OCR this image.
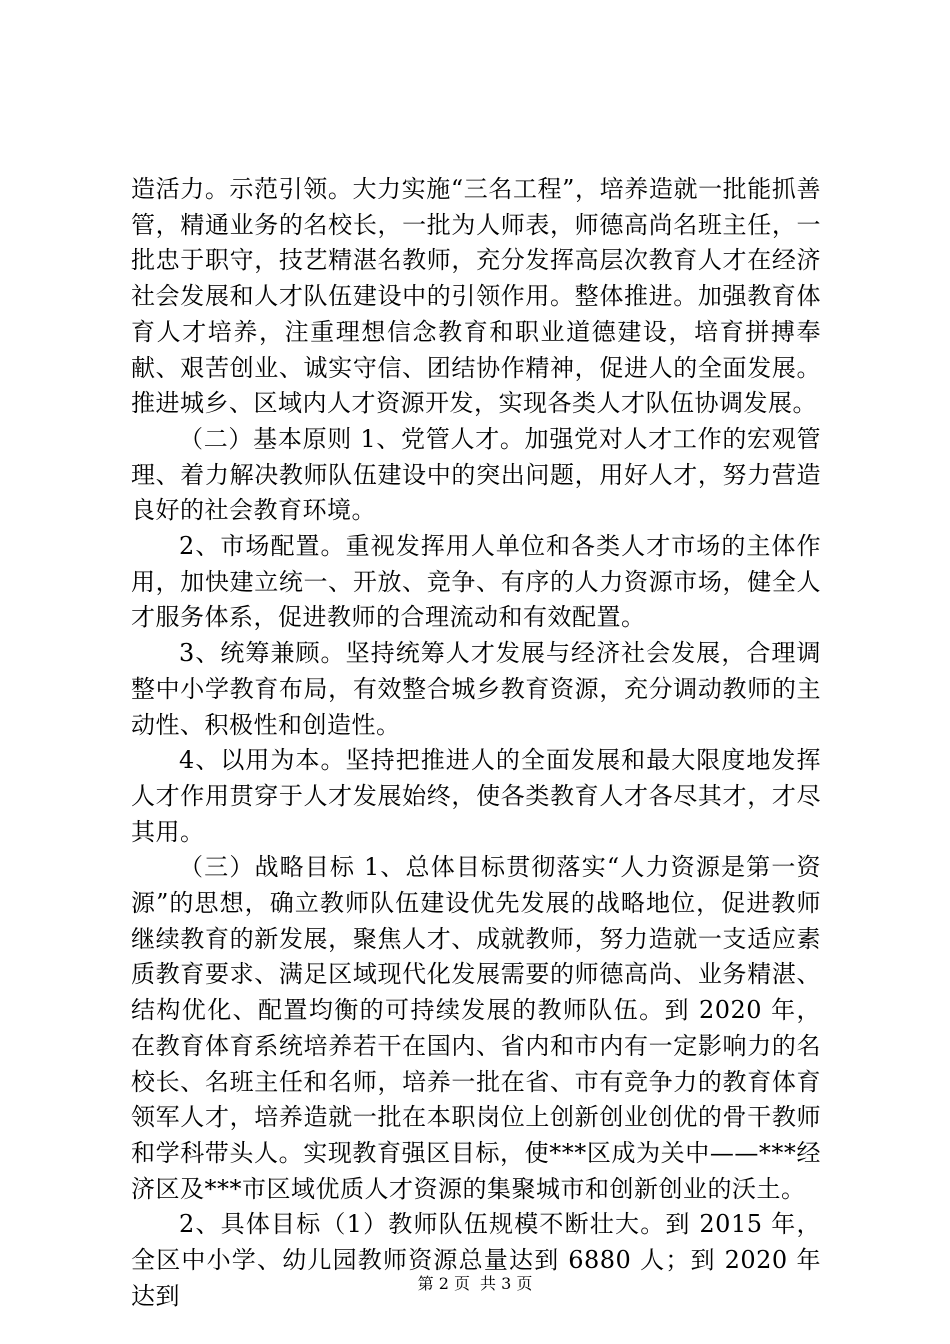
造活力。示范引领。大力实施“三名工程”，培养造就一批能抓善管，精通业务的名校长，一批为人师表，师德高尚名班主任，一批忠于职守，技艺精湛名教师，充分发挥高层次教育人才在经济社会发展和人才队伍建设中的引领作用。整体推进。加强教育体育人才培养，注重理想信念教育和职业道德建设，培育拼搏奉献、艰苦创业、诚实守信、团结协作精神，促进人的全面发展。推进城乡、区域内人才资源开发，实现各类人才队伍协调发展。

（二）基本原则 1、党管人才。加强党对人才工作的宏观管理、着力解决教师队伍建设中的突出问题，用好人才，努力营造良好的社会教育环境。

2、市场配置。重视发挥用人单位和各类人才市场的主体作用，加快建立统一、开放、竞争、有序的人力资源市场，健全人才服务体系，促进教师的合理流动和有效配置。

3、统筹兼顾。坚持统筹人才发展与经济社会发展，合理调整中小学教育布局，有效整合城乡教育资源，充分调动教师的主动性、积极性和创造性。

4、以用为本。坚持把推进人的全面发展和最大限度地发挥人才作用贯穿于人才发展始终，使各类教育人才各尽其才，才尽其用。

（三）战略目标 1、总体目标贯彻落实“人力资源是第一资源”的思想，确立教师队伍建设优先发展的战略地位，促进教师继续教育的新发展，聚焦人才、成就教师，努力造就一支适应素质教育要求、满足区域现代化发展需要的师德高尚、业务精湛、结构优化、配置均衡的可持续发展的教师队伍。到 2020 年，在教育体育系统培养若干在国内、省内和市内有一定影响力的名校长、名班主任和名师，培养一批在省、市有竞争力的教育体育领军人才，培养造就一批在本职岗位上创新创业创优的骨干教师和学科带头人。实现教育强区目标，使***区成为关中——***经济区及***市区域优质人才资源的集聚城市和创新创业的沃土。

2、具体目标（1）教师队伍规模不断壮大。到 2015 年，全区中小学、幼儿园教师资源总量达到 6880 人；到 2020 年达到	第 2 页 共 3 页
